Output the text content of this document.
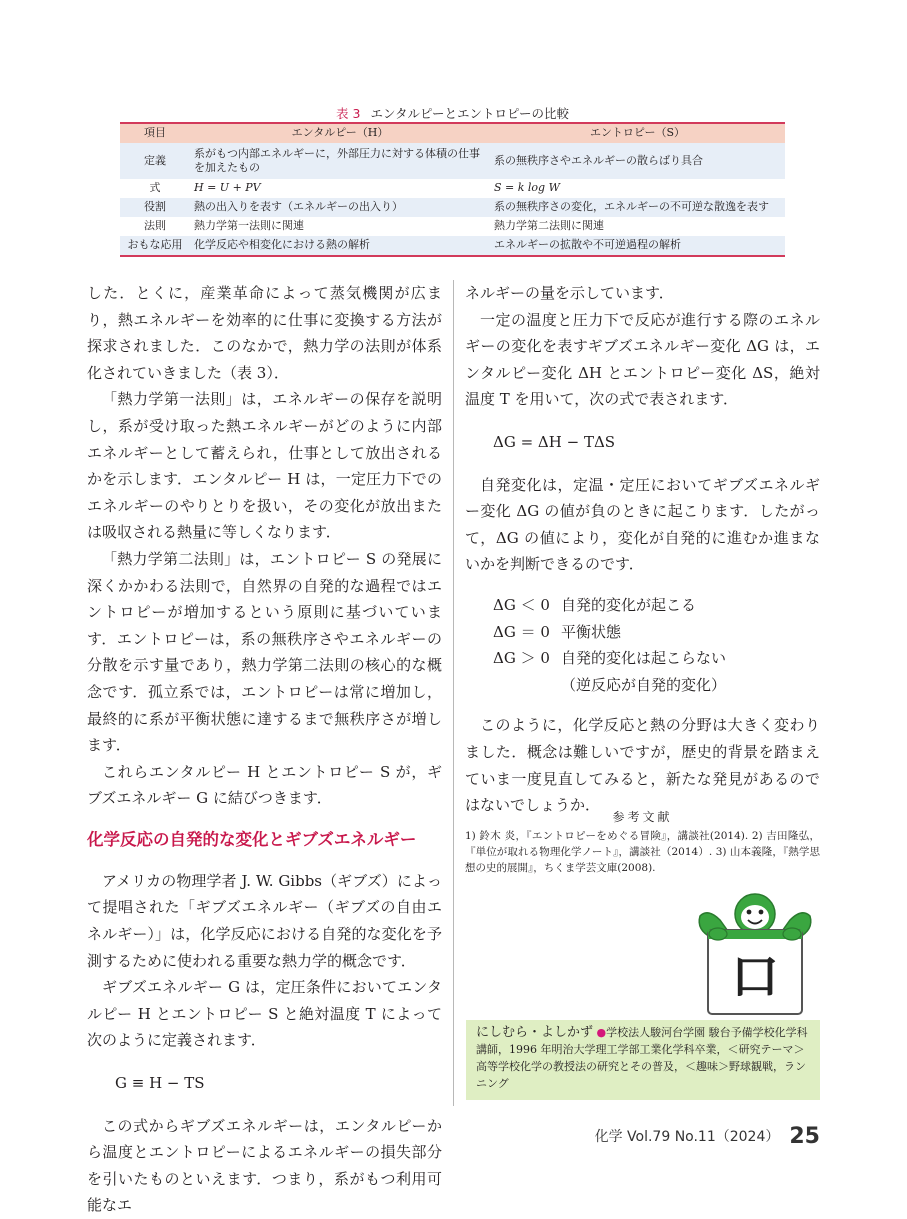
表 3 エンタルピーとエントロピーの比較
項目	エンタルピー（H）	エントロピー（S）
定義	系がもつ内部エネルギーに，外部圧力に対する体積の仕事を加えたもの	系の無秩序さやエネルギーの散らばり具合
式	H = U + PV	S = k log W
役割	熱の出入りを表す（エネルギーの出入り）	系の無秩序さの変化，エネルギーの不可逆な散逸を表す
法則	熱力学第一法則に関連	熱力学第二法則に関連
おもな応用	化学反応や相変化における熱の解析	エネルギーの拡散や不可逆過程の解析

した．とくに，産業革命によって蒸気機関が広まり，熱エネルギーを効率的に仕事に変換する方法が探求されました．このなかで，熱力学の法則が体系化されていきました（表 3）．

「熱力学第一法則」は，エネルギーの保存を説明し，系が受け取った熱エネルギーがどのように内部エネルギーとして蓄えられ，仕事として放出されるかを示します．エンタルピー H は，一定圧力下でのエネルギーのやりとりを扱い，その変化が放出または吸収される熱量に等しくなります．

「熱力学第二法則」は，エントロピー S の発展に深くかかわる法則で，自然界の自発的な過程ではエントロピーが増加するという原則に基づいています．エントロピーは，系の無秩序さやエネルギーの分散を示す量であり，熱力学第二法則の核心的な概念です．孤立系では，エントロピーは常に増加し，最終的に系が平衡状態に達するまで無秩序さが増します．

これらエンタルピー H とエントロピー S が，ギブズエネルギー G に結びつきます．

化学反応の自発的な変化とギブズエネルギー

アメリカの物理学者 J. W. Gibbs（ギブズ）によって提唱された「ギブズエネルギー（ギブズの自由エネルギー）」は，化学反応における自発的な変化を予測するために使われる重要な熱力学的概念です．

ギブズエネルギー G は，定圧条件においてエンタルピー H とエントロピー S と絶対温度 T によって次のように定義されます．

G ≡ H − TS

この式からギブズエネルギーは，エンタルピーから温度とエントロピーによるエネルギーの損失部分を引いたものといえます．つまり，系がもつ利用可能なエ

ネルギーの量を示しています．

一定の温度と圧力下で反応が進行する際のエネルギーの変化を表すギブズエネルギー変化 ΔG は，エンタルピー変化 ΔH とエントロピー変化 ΔS，絶対温度 T を用いて，次の式で表されます．

ΔG = ΔH − TΔS

自発変化は，定温・定圧においてギブズエネルギー変化 ΔG の値が負のときに起こります．したがって，ΔG の値により，変化が自発的に進むか進まないかを判断できるのです．

ΔG ＜ 0 自発的変化が起こる
ΔG ＝ 0 平衡状態
ΔG ＞ 0 自発的変化は起こらない
（逆反応が自発的変化）

このように，化学反応と熱の分野は大きく変わりました．概念は難しいですが，歴史的背景を踏まえていま一度見直してみると，新たな発見があるのではないでしょうか．

参考文献
1) 鈴木 炎，『エントロピーをめぐる冒険』，講談社(2014). 2) 吉田隆弘，『単位が取れる物理化学ノート』，講談社（2014）. 3) 山本義隆，『熱学思想の史的展開』，ちくま学芸文庫(2008).
口
にしむら・よしかず ●学校法人駿河台学園 駿台予備学校化学科講師，1996 年明治大学理工学部工業化学科卒業，＜研究テーマ＞高等学校化学の教授法の研究とその普及，＜趣味＞野球観戦，ランニング
化学 Vol.79 No.11（2024） 25
